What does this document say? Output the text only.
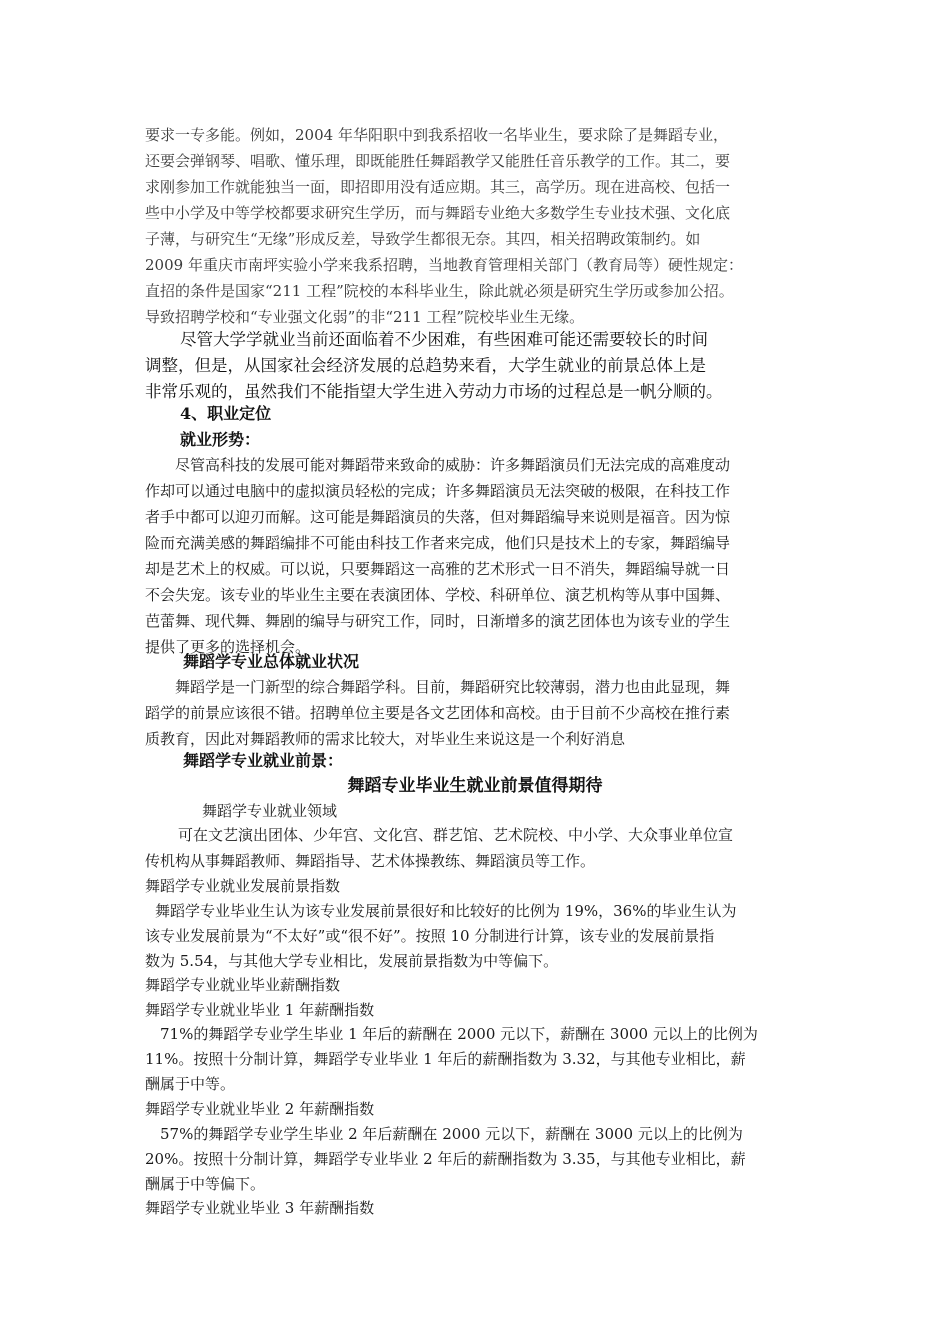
要求一专多能。例如，2004 年华阳职中到我系招收一名毕业生，要求除了是舞蹈专业，
还要会弹钢琴、唱歌、懂乐理，即既能胜任舞蹈教学又能胜任音乐教学的工作。其二，要
求刚参加工作就能独当一面，即招即用没有适应期。其三，高学历。现在进高校、包括一
些中小学及中等学校都要求研究生学历，而与舞蹈专业绝大多数学生专业技术强、文化底
子薄，与研究生“无缘”形成反差，导致学生都很无奈。其四，相关招聘政策制约。如
2009 年重庆市南坪实验小学来我系招聘，当地教育管理相关部门（教育局等）硬性规定：
直招的条件是国家“211 工程”院校的本科毕业生，除此就必须是研究生学历或参加公招。
导致招聘学校和“专业强文化弱”的非“211 工程”院校毕业生无缘。
尽管大学学就业当前还面临着不少困难，有些困难可能还需要较长的时间
调整，但是，从国家社会经济发展的总趋势来看，大学生就业的前景总体上是
非常乐观的，虽然我们不能指望大学生进入劳动力市场的过程总是一帆分顺的。
4、职业定位
就业形势：
尽管高科技的发展可能对舞蹈带来致命的威胁：许多舞蹈演员们无法完成的高难度动
作却可以通过电脑中的虚拟演员轻松的完成；许多舞蹈演员无法突破的极限，在科技工作
者手中都可以迎刃而解。这可能是舞蹈演员的失落，但对舞蹈编导来说则是福音。因为惊
险而充满美感的舞蹈编排不可能由科技工作者来完成，他们只是技术上的专家，舞蹈编导
却是艺术上的权威。可以说，只要舞蹈这一高雅的艺术形式一日不消失，舞蹈编导就一日
不会失宠。该专业的毕业生主要在表演团体、学校、科研单位、演艺机构等从事中国舞、
芭蕾舞、现代舞、舞剧的编导与研究工作，同时，日渐增多的演艺团体也为该专业的学生
提供了更多的选择机会。
舞蹈学专业总体就业状况
舞蹈学是一门新型的综合舞蹈学科。目前，舞蹈研究比较薄弱，潜力也由此显现，舞
蹈学的前景应该很不错。招聘单位主要是各文艺团体和高校。由于目前不少高校在推行素
质教育，因此对舞蹈教师的需求比较大，对毕业生来说这是一个利好消息
舞蹈学专业就业前景：
舞蹈专业毕业生就业前景值得期待
舞蹈学专业就业领域
可在文艺演出团体、少年宫、文化宫、群艺馆、艺术院校、中小学、大众事业单位宣
传机构从事舞蹈教师、舞蹈指导、艺术体操教练、舞蹈演员等工作。
舞蹈学专业就业发展前景指数
舞蹈学专业毕业生认为该专业发展前景很好和比较好的比例为 19%，36%的毕业生认为
该专业发展前景为“不太好”或“很不好”。按照 10 分制进行计算，该专业的发展前景指
数为 5.54，与其他大学专业相比，发展前景指数为中等偏下。
舞蹈学专业就业毕业薪酬指数
舞蹈学专业就业毕业 1 年薪酬指数
71%的舞蹈学专业学生毕业 1 年后的薪酬在 2000 元以下，薪酬在 3000 元以上的比例为
11%。按照十分制计算，舞蹈学专业毕业 1 年后的薪酬指数为 3.32，与其他专业相比，薪
酬属于中等。
舞蹈学专业就业毕业 2 年薪酬指数
57%的舞蹈学专业学生毕业 2 年后薪酬在 2000 元以下，薪酬在 3000 元以上的比例为
20%。按照十分制计算，舞蹈学专业毕业 2 年后的薪酬指数为 3.35，与其他专业相比，薪
酬属于中等偏下。
舞蹈学专业就业毕业 3 年薪酬指数
